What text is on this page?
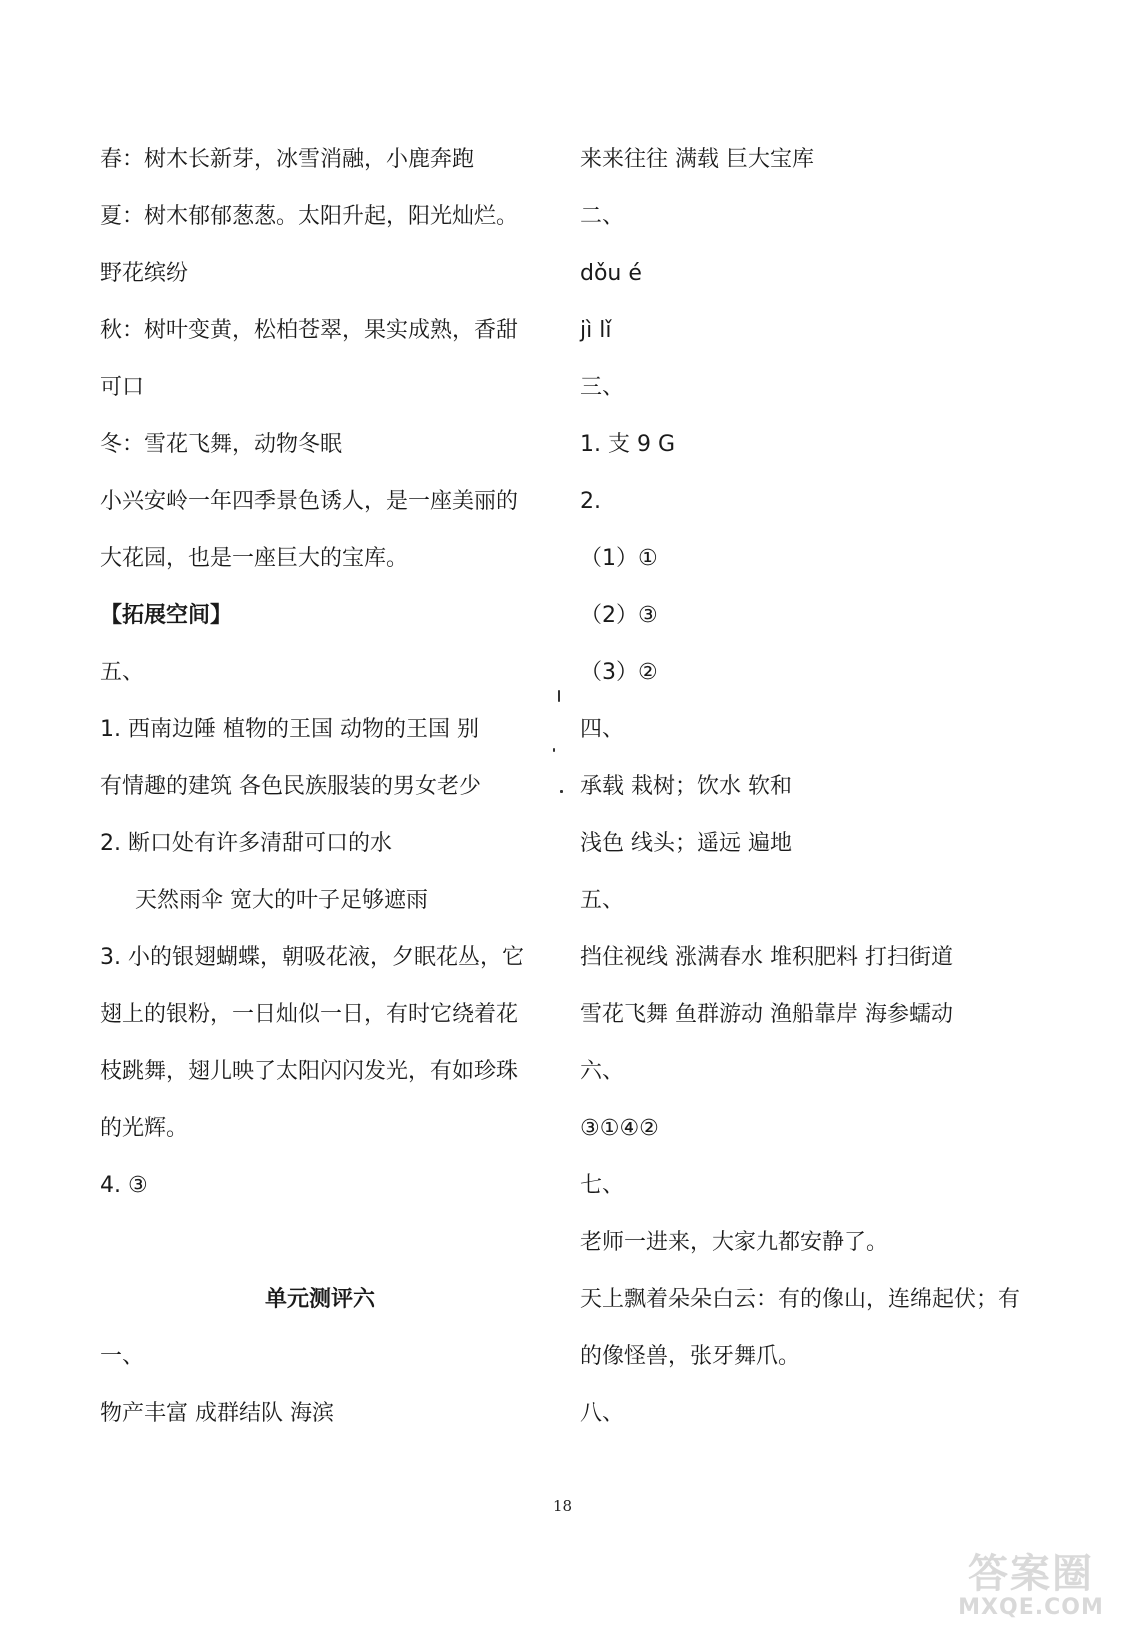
春：树木长新芽，冰雪消融，小鹿奔跑
夏：树木郁郁葱葱。太阳升起，阳光灿烂。
野花缤纷
秋：树叶变黄，松柏苍翠，果实成熟，香甜
可口
冬：雪花飞舞，动物冬眠
小兴安岭一年四季景色诱人，是一座美丽的
大花园，也是一座巨大的宝库。
【拓展空间】
五、
1. 西南边陲 植物的王国 动物的王国 别
有情趣的建筑 各色民族服装的男女老少
2. 断口处有许多清甜可口的水
天然雨伞 宽大的叶子足够遮雨
3. 小的银翅蝴蝶，朝吸花液，夕眠花丛，它
翅上的银粉，一日灿似一日，有时它绕着花
枝跳舞，翅儿映了太阳闪闪发光，有如珍珠
的光辉。
4. ③
单元测评六
一、
物产丰富 成群结队 海滨
来来往往 满载 巨大宝库
二、
dǒu é
jì lǐ
三、
1. 支 9 G
2.
（1）①
（2）③
（3）②
四、
承载 栽树；饮水 软和
浅色 线头；遥远 遍地
五、
挡住视线 涨满春水 堆积肥料 打扫街道
雪花飞舞 鱼群游动 渔船靠岸 海参蠕动
六、
③①④②
七、
老师一进来，大家九都安静了。
天上飘着朵朵白云：有的像山，连绵起伏；有
的像怪兽，张牙舞爪。
八、
18
答案圈
MXQE.COM
